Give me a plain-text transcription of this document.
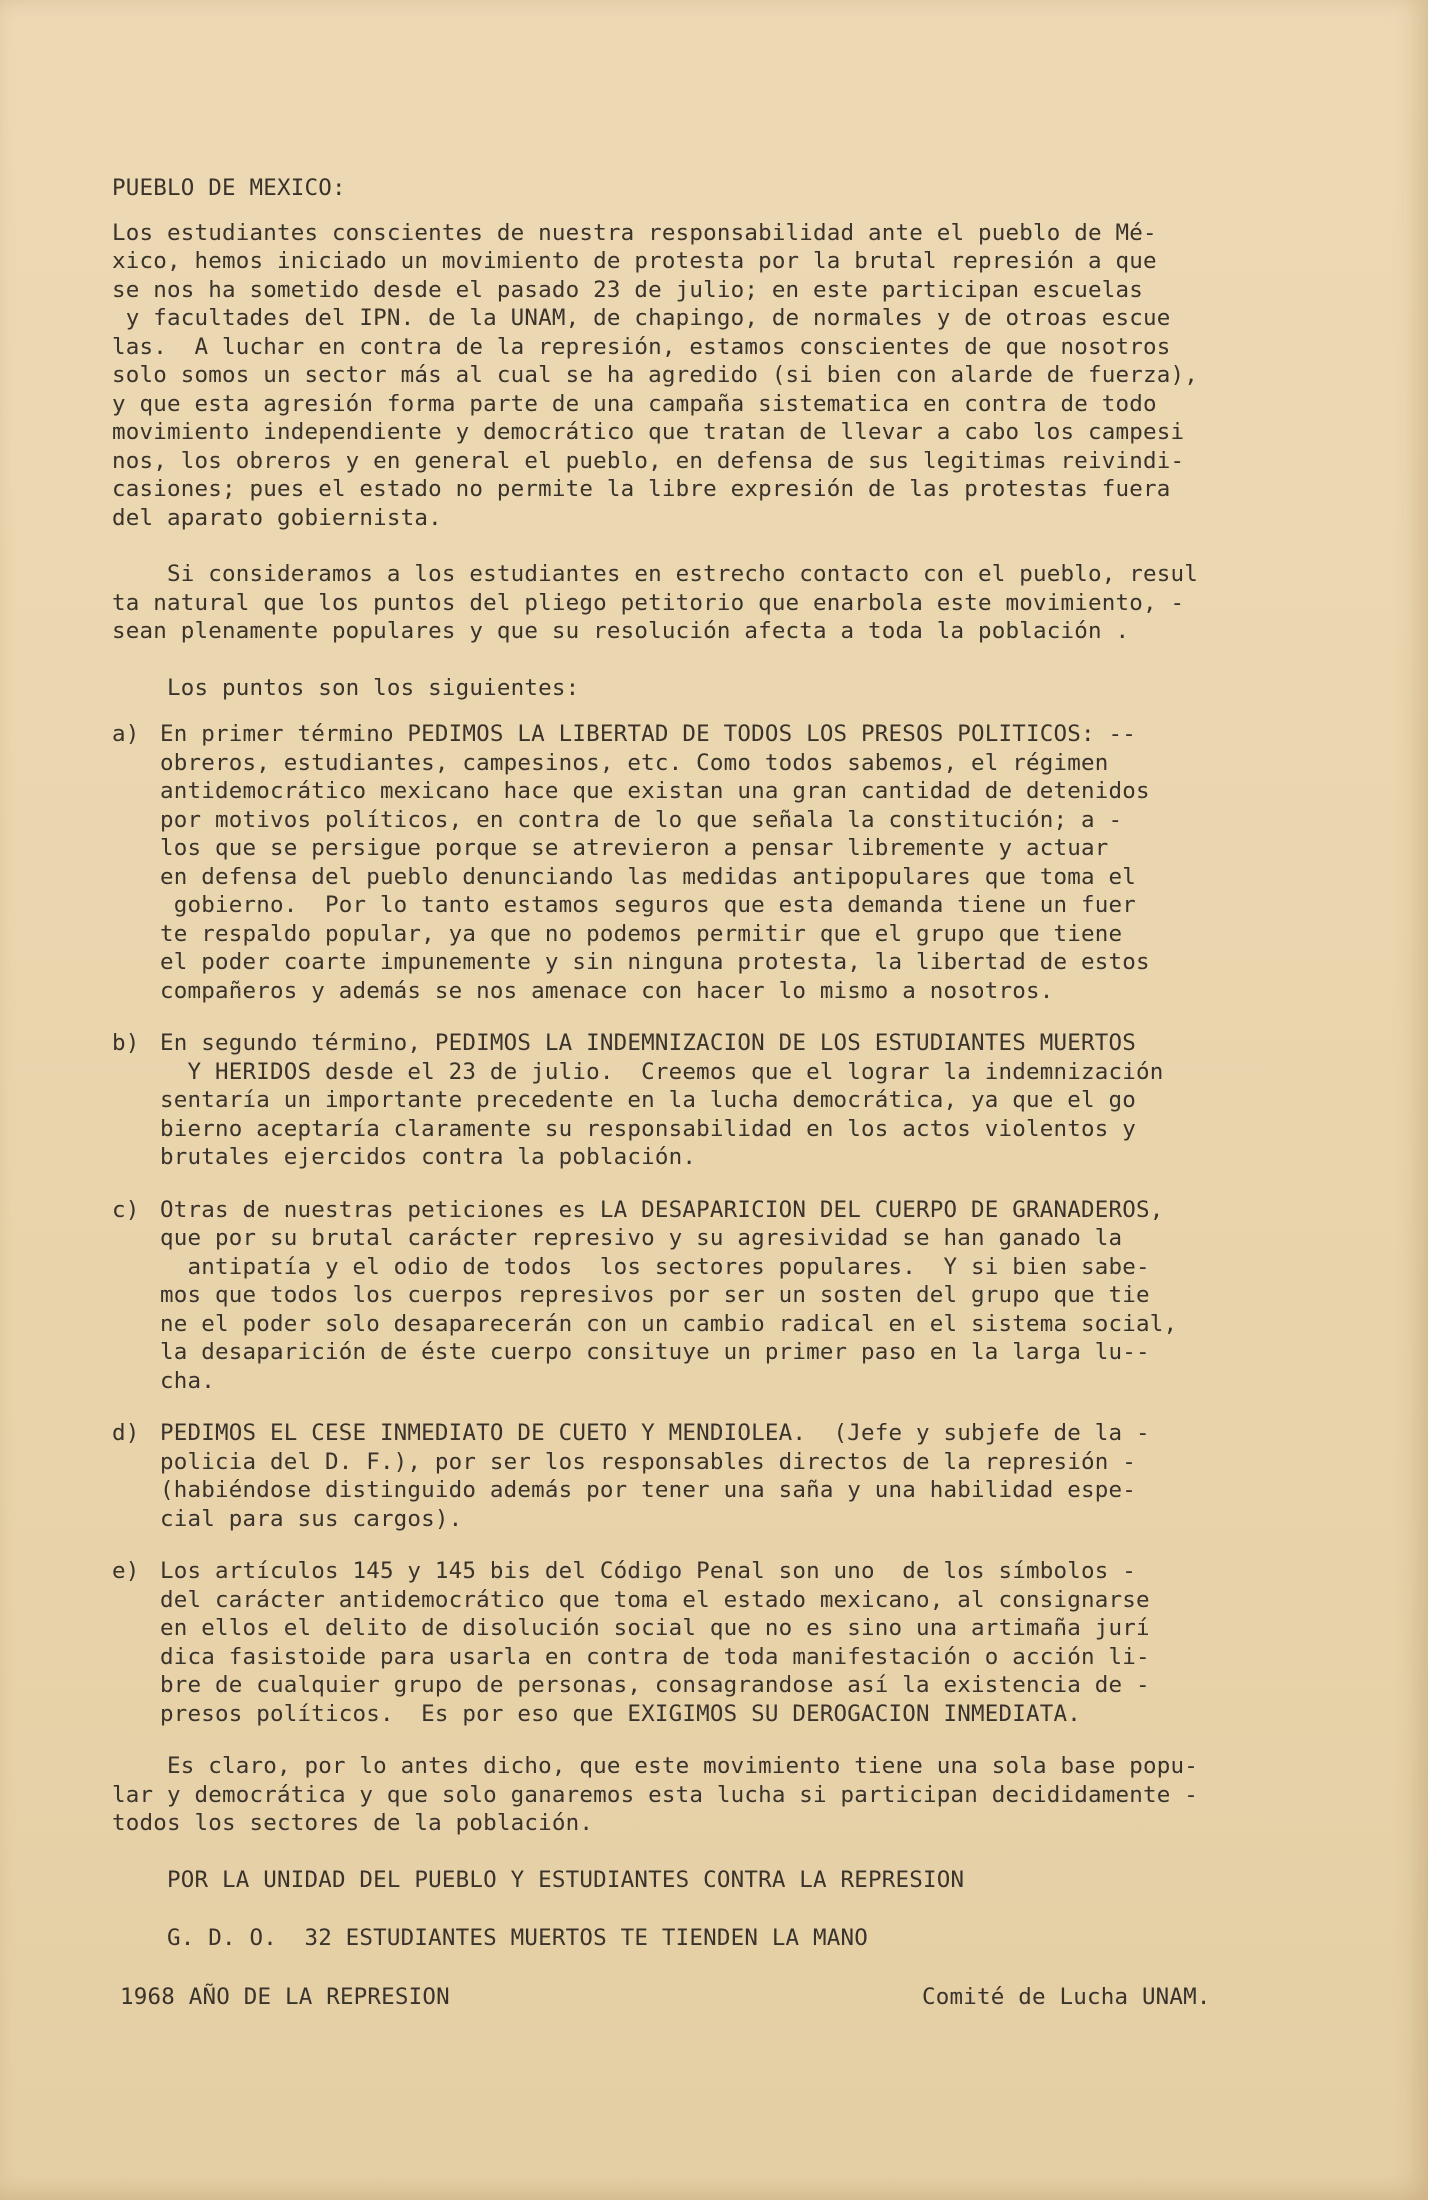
PUEBLO DE MEXICO:
Los estudiantes conscientes de nuestra responsabilidad ante el pueblo de Mé-
xico, hemos iniciado un movimiento de protesta por la brutal represión a que
se nos ha sometido desde el pasado 23 de julio; en este participan escuelas
y facultades del IPN. de la UNAM, de chapingo, de normales y de otroas escue
las.  A luchar en contra de la represión, estamos conscientes de que nosotros
solo somos un sector más al cual se ha agredido (si bien con alarde de fuerza),
y que esta agresión forma parte de una campaña sistematica en contra de todo
movimiento independiente y democrático que tratan de llevar a cabo los campesi
nos, los obreros y en general el pueblo, en defensa de sus legitimas reivindi-
casiones; pues el estado no permite la libre expresión de las protestas fuera
del aparato gobiernista.
Si consideramos a los estudiantes en estrecho contacto con el pueblo, resul
ta natural que los puntos del pliego petitorio que enarbola este movimiento, -
sean plenamente populares y que su resolución afecta a toda la población .
Los puntos son los siguientes:
a) En primer término PEDIMOS LA LIBERTAD DE TODOS LOS PRESOS POLITICOS: --
obreros, estudiantes, campesinos, etc. Como todos sabemos, el régimen
antidemocrático mexicano hace que existan una gran cantidad de detenidos
por motivos políticos, en contra de lo que señala la constitución; a -
los que se persigue porque se atrevieron a pensar libremente y actuar
en defensa del pueblo denunciando las medidas antipopulares que toma el
gobierno.  Por lo tanto estamos seguros que esta demanda tiene un fuer
te respaldo popular, ya que no podemos permitir que el grupo que tiene
el poder coarte impunemente y sin ninguna protesta, la libertad de estos
compañeros y además se nos amenace con hacer lo mismo a nosotros.
b) En segundo término, PEDIMOS LA INDEMNIZACION DE LOS ESTUDIANTES MUERTOS
Y HERIDOS desde el 23 de julio.  Creemos que el lograr la indemnización
sentaría un importante precedente en la lucha democrática, ya que el go
bierno aceptaría claramente su responsabilidad en los actos violentos y
brutales ejercidos contra la población.
c) Otras de nuestras peticiones es LA DESAPARICION DEL CUERPO DE GRANADEROS,
que por su brutal carácter represivo y su agresividad se han ganado la
antipatía y el odio de todos  los sectores populares.  Y si bien sabe-
mos que todos los cuerpos represivos por ser un sosten del grupo que tie
ne el poder solo desaparecerán con un cambio radical en el sistema social,
la desaparición de éste cuerpo consituye un primer paso en la larga lu--
cha.
d) PEDIMOS EL CESE INMEDIATO DE CUETO Y MENDIOLEA.  (Jefe y subjefe de la -
policia del D. F.), por ser los responsables directos de la represión -
(habiéndose distinguido además por tener una saña y una habilidad espe-
cial para sus cargos).
e) Los artículos 145 y 145 bis del Código Penal son uno  de los símbolos -
del carácter antidemocrático que toma el estado mexicano, al consignarse
en ellos el delito de disolución social que no es sino una artimaña jurí
dica fasistoide para usarla en contra de toda manifestación o acción li-
bre de cualquier grupo de personas, consagrandose así la existencia de -
presos políticos.  Es por eso que EXIGIMOS SU DEROGACION INMEDIATA.
Es claro, por lo antes dicho, que este movimiento tiene una sola base popu-
lar y democrática y que solo ganaremos esta lucha si participan decididamente -
todos los sectores de la población.
POR LA UNIDAD DEL PUEBLO Y ESTUDIANTES CONTRA LA REPRESION
G. D. O.  32 ESTUDIANTES MUERTOS TE TIENDEN LA MANO
1968 AÑO DE LA REPRESION	Comité de Lucha UNAM.
